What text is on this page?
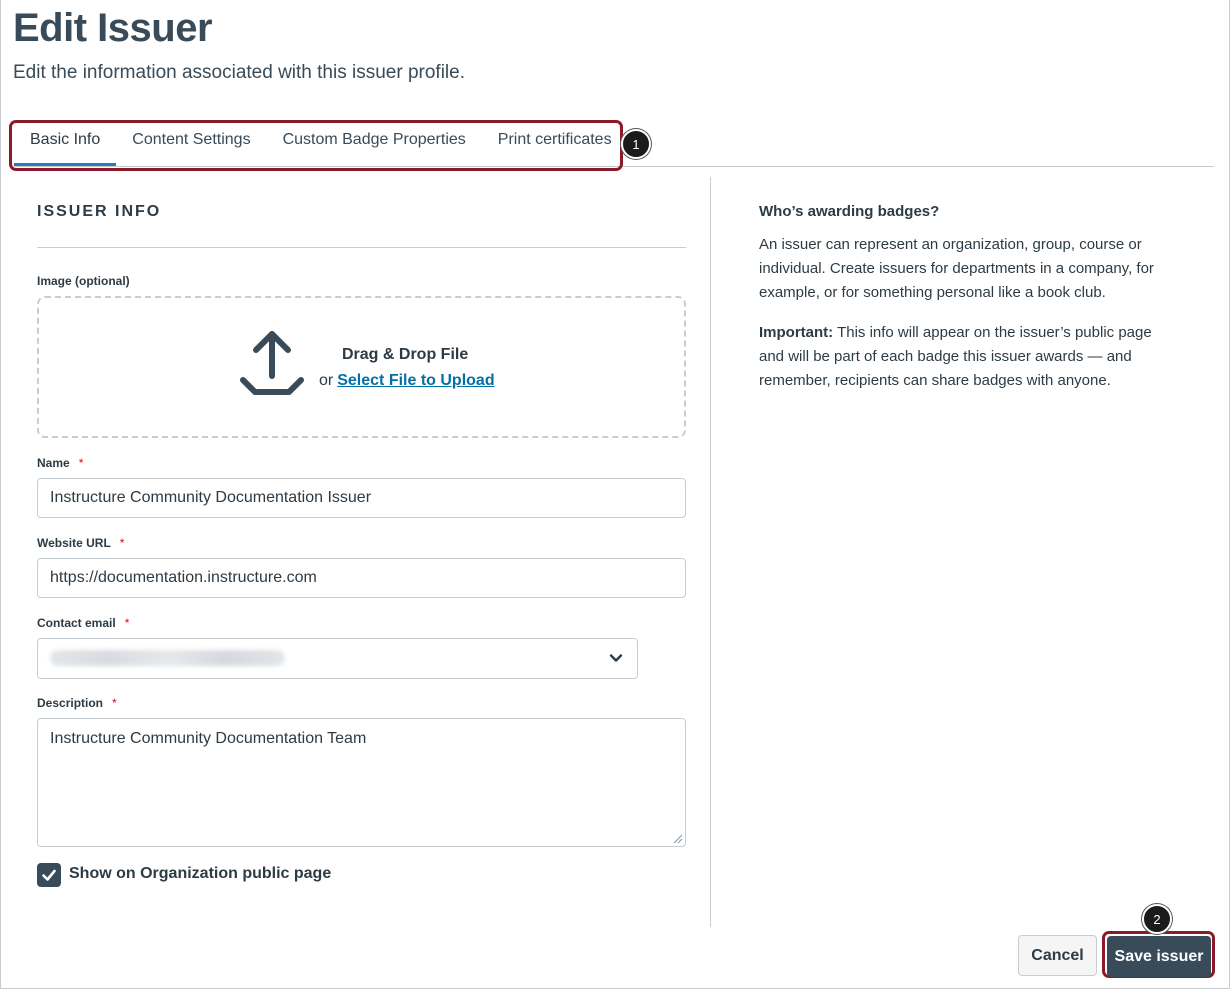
Edit Issuer

Edit the information associated with this issuer profile.

Basic Info	Content Settings	Custom Badge Properties	Print certificates	1
ISSUER INFO
Image (optional)
Drag & Drop File
or Select File to Upload
Name *
Instructure Community Documentation Issuer
Website URL *
https://documentation.instructure.com
Contact email *
Description *
Instructure Community Documentation Team
Show on Organization public page
Who’s awarding badges?

An issuer can represent an organization, group, course or individual. Create issuers for departments in a company, for example, or for something personal like a book club.

Important: This info will appear on the issuer’s public page and will be part of each badge this issuer awards — and remember, recipients can share badges with anyone.

Cancel	Save issuer
2
